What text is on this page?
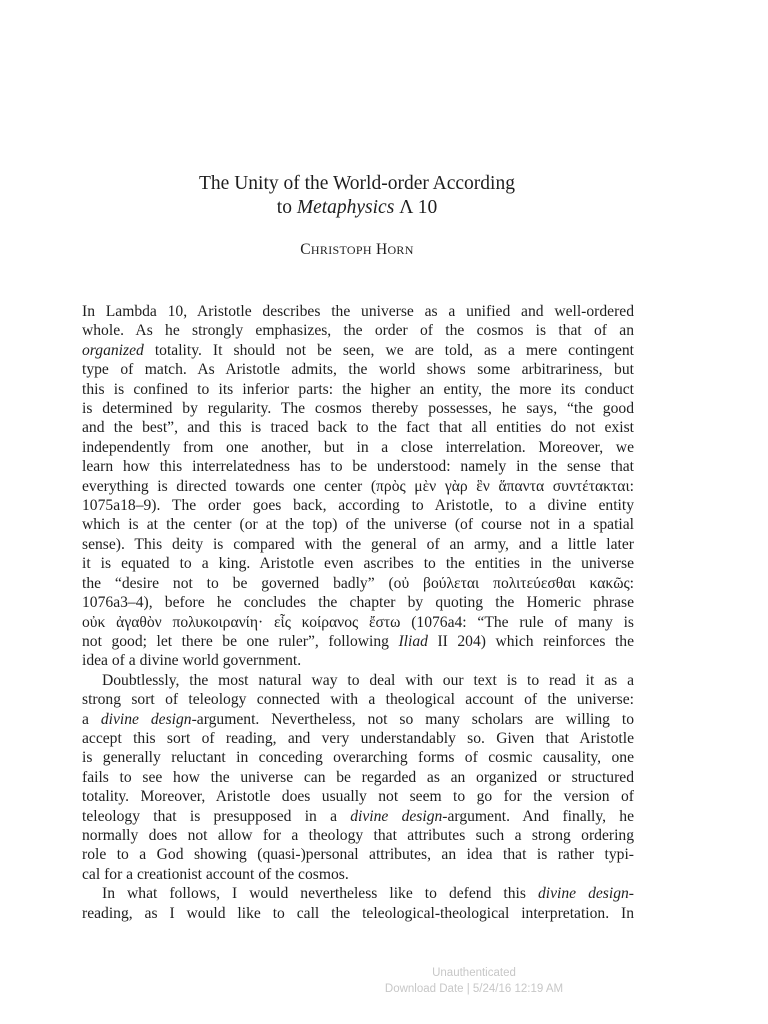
The Unity of the World-order According
to Metaphysics Λ 10
CHRISTOPH HORN
In Lambda 10, Aristotle describes the universe as a unified and well-ordered
whole. As he strongly emphasizes, the order of the cosmos is that of an
organized totality. It should not be seen, we are told, as a mere contingent
type of match. As Aristotle admits, the world shows some arbitrariness, but
this is confined to its inferior parts: the higher an entity, the more its conduct
is determined by regularity. The cosmos thereby possesses, he says, “the good
and the best”, and this is traced back to the fact that all entities do not exist
independently from one another, but in a close interrelation. Moreover, we
learn how this interrelatedness has to be understood: namely in the sense that
everything is directed towards one center (πρὸς μὲν γὰρ ἓν ἅπαντα συντέτακται:
1075a18–9). The order goes back, according to Aristotle, to a divine entity
which is at the center (or at the top) of the universe (of course not in a spatial
sense). This deity is compared with the general of an army, and a little later
it is equated to a king. Aristotle even ascribes to the entities in the universe
the “desire not to be governed badly” (οὐ βούλεται πολιτεύεσθαι κακῶς:
1076a3–4), before he concludes the chapter by quoting the Homeric phrase
οὐκ ἀγαθὸν πολυκοιρανίη· εἷς κοίρανος ἔστω (1076a4: “The rule of many is
not good; let there be one ruler”, following Iliad II 204) which reinforces the
idea of a divine world government.
Doubtlessly, the most natural way to deal with our text is to read it as a
strong sort of teleology connected with a theological account of the universe:
a divine design-argument. Nevertheless, not so many scholars are willing to
accept this sort of reading, and very understandably so. Given that Aristotle
is generally reluctant in conceding overarching forms of cosmic causality, one
fails to see how the universe can be regarded as an organized or structured
totality. Moreover, Aristotle does usually not seem to go for the version of
teleology that is presupposed in a divine design-argument. And finally, he
normally does not allow for a theology that attributes such a strong ordering
role to a God showing (quasi-)personal attributes, an idea that is rather typi-
cal for a creationist account of the cosmos.
In what follows, I would nevertheless like to defend this divine design-
reading, as I would like to call the teleological-theological interpretation. In
Unauthenticated
Download Date | 5/24/16 12:19 AM
